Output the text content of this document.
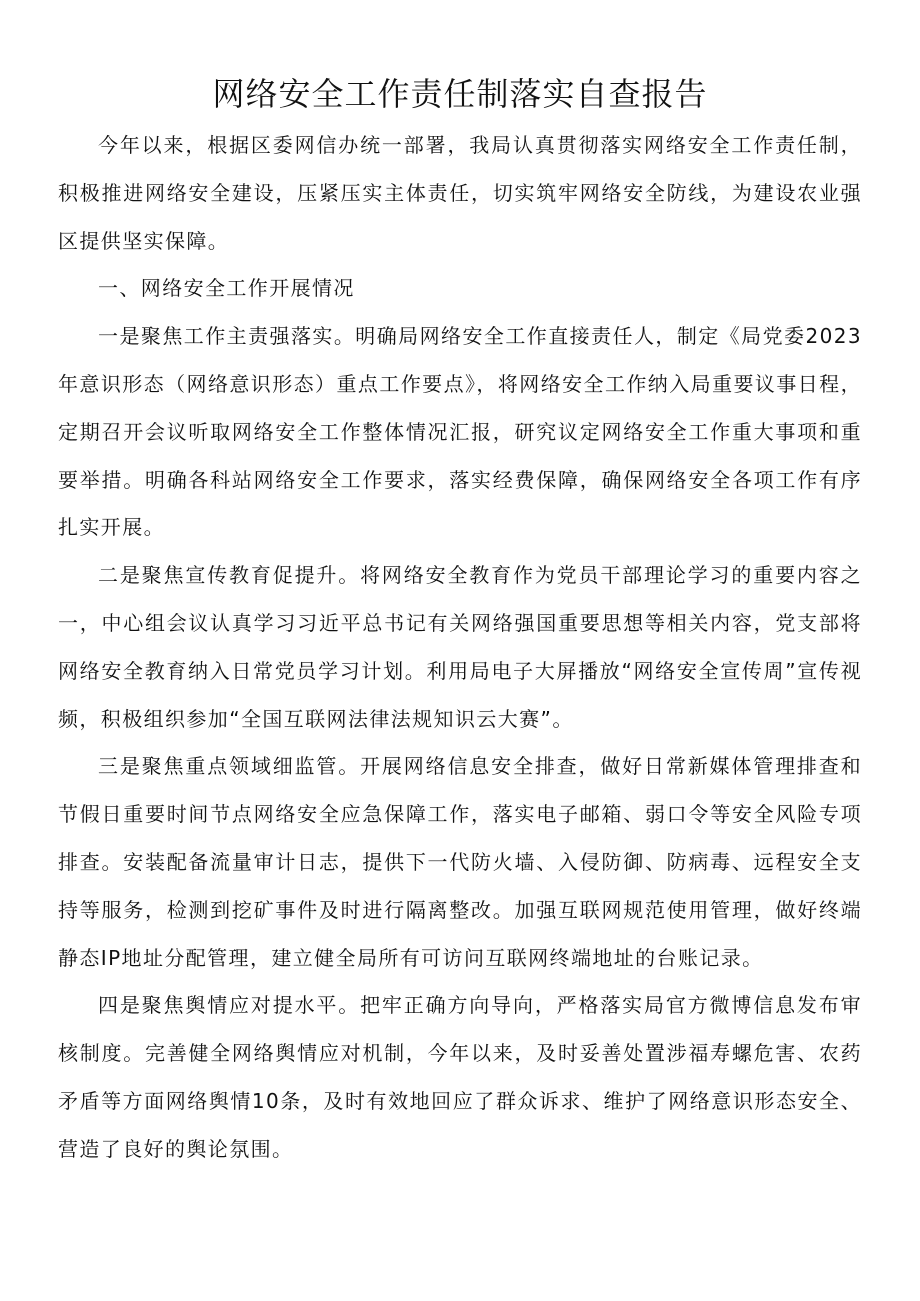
网络安全工作责任制落实自查报告

今年以来，根据区委网信办统一部署，我局认真贯彻落实网络安全工作责任制，积极推进网络安全建设，压紧压实主体责任，切实筑牢网络安全防线，为建设农业强区提供坚实保障。

一、网络安全工作开展情况

一是聚焦工作主责强落实。明确局网络安全工作直接责任人，制定《局党委2023年意识形态（网络意识形态）重点工作要点》，将网络安全工作纳入局重要议事日程，定期召开会议听取网络安全工作整体情况汇报，研究议定网络安全工作重大事项和重要举措。明确各科站网络安全工作要求，落实经费保障，确保网络安全各项工作有序扎实开展。

二是聚焦宣传教育促提升。将网络安全教育作为党员干部理论学习的重要内容之一，中心组会议认真学习习近平总书记有关网络强国重要思想等相关内容，党支部将网络安全教育纳入日常党员学习计划。利用局电子大屏播放“网络安全宣传周”宣传视频，积极组织参加“全国互联网法律法规知识云大赛”。

三是聚焦重点领域细监管。开展网络信息安全排查，做好日常新媒体管理排查和节假日重要时间节点网络安全应急保障工作，落实电子邮箱、弱口令等安全风险专项排查。安装配备流量审计日志，提供下一代防火墙、入侵防御、防病毒、远程安全支持等服务，检测到挖矿事件及时进行隔离整改。加强互联网规范使用管理，做好终端静态IP地址分配管理，建立健全局所有可访问互联网终端地址的台账记录。

四是聚焦舆情应对提水平。把牢正确方向导向，严格落实局官方微博信息发布审核制度。完善健全网络舆情应对机制，今年以来，及时妥善处置涉福寿螺危害、农药矛盾等方面网络舆情10条，及时有效地回应了群众诉求、维护了网络意识形态安全、营造了良好的舆论氛围。
